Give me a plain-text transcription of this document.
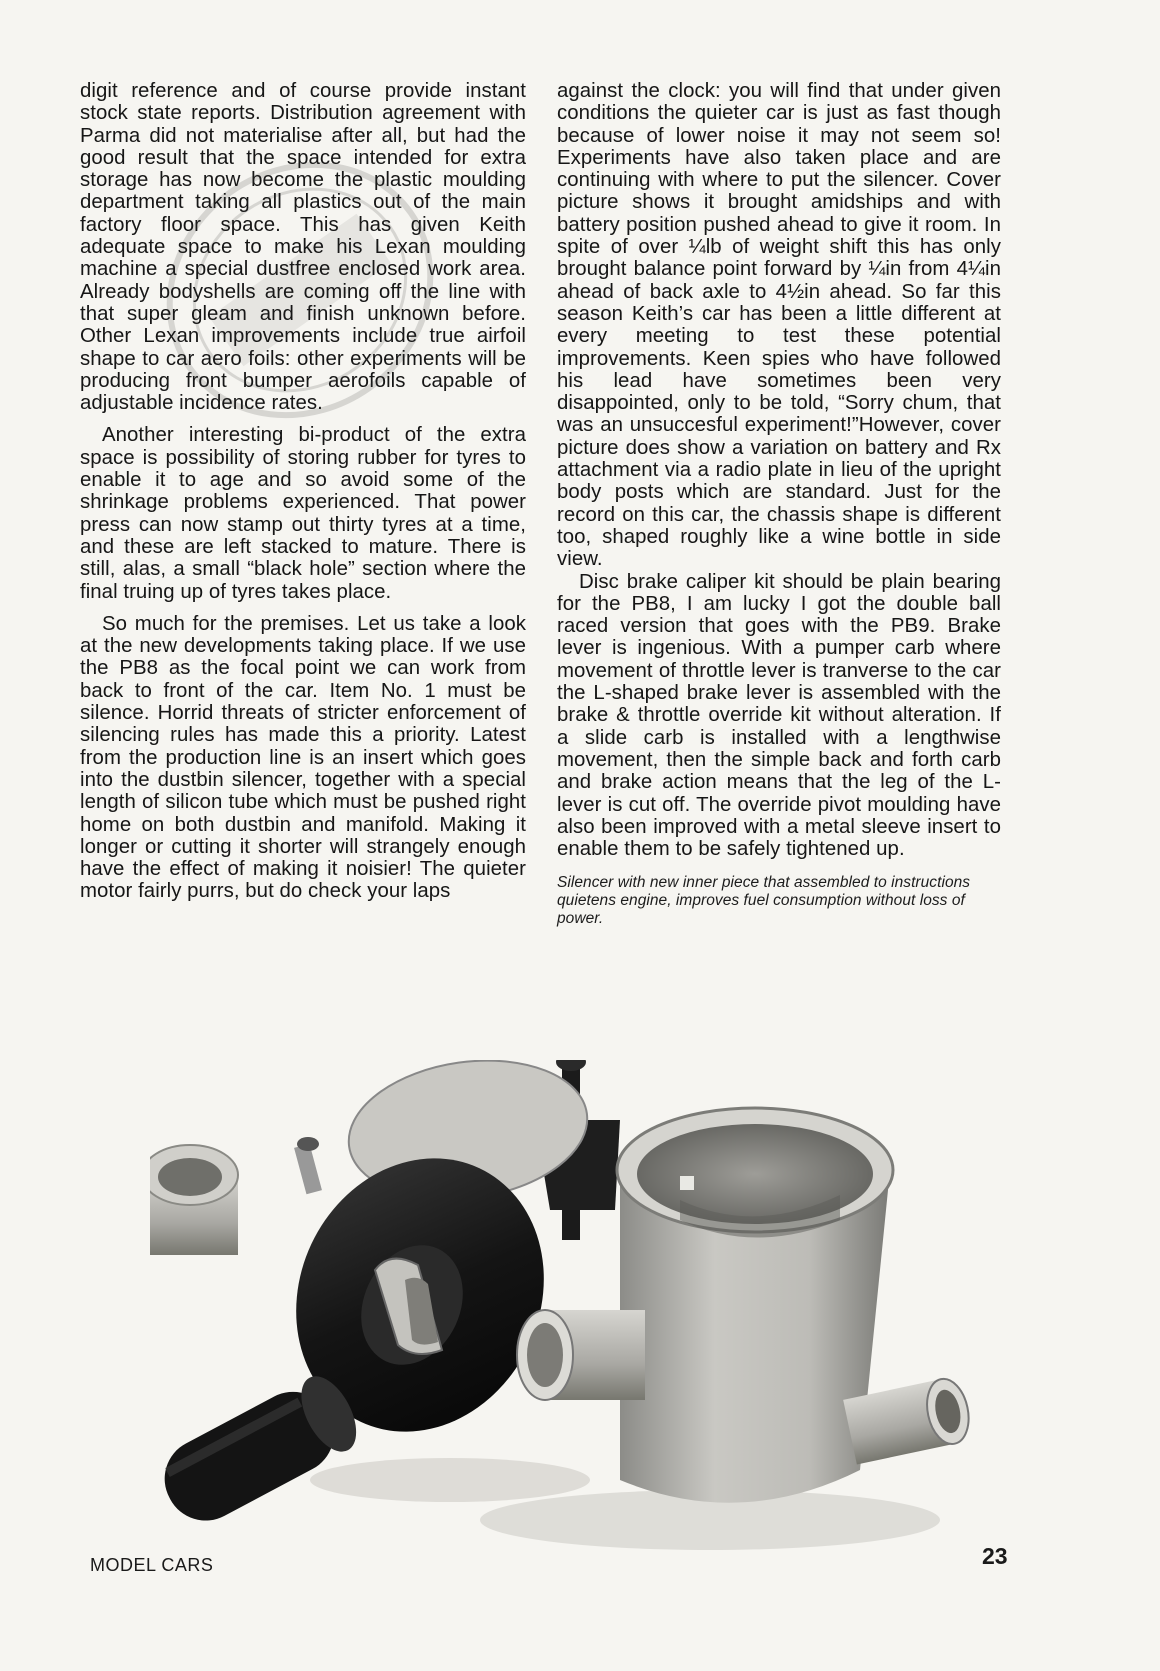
digit reference and of course provide instant stock state reports. Distribution agreement with Parma did not materialise after all, but had the good result that the space intended for extra storage has now become the plastic moulding department taking all plastics out of the main factory floor space. This has given Keith adequate space to make his Lexan moulding machine a special dustfree enclosed work area. Already bodyshells are coming off the line with that super gleam and finish unknown before. Other Lexan improvements include true airfoil shape to car aero foils: other experiments will be producing front bumper aerofoils capable of adjustable incidence rates.

Another interesting bi-product of the extra space is possibility of storing rubber for tyres to enable it to age and so avoid some of the shrinkage problems experienced. That power press can now stamp out thirty tyres at a time, and these are left stacked to mature. There is still, alas, a small “black hole” section where the final truing up of tyres takes place.

So much for the premises. Let us take a look at the new developments taking place. If we use the PB8 as the focal point we can work from back to front of the car. Item No. 1 must be silence. Horrid threats of stricter enforcement of silencing rules has made this a priority. Latest from the production line is an insert which goes into the dustbin silencer, together with a special length of silicon tube which must be pushed right home on both dustbin and manifold. Making it longer or cutting it shorter will strangely enough have the effect of making it noisier! The quieter motor fairly purrs, but do check your laps

against the clock: you will find that under given conditions the quieter car is just as fast though because of lower noise it may not seem so! Experiments have also taken place and are continuing with where to put the silencer. Cover picture shows it brought amidships and with battery position pushed ahead to give it room. In spite of over ¼lb of weight shift this has only brought balance point forward by ¼in from 4¼in ahead of back axle to 4½in ahead. So far this season Keith’s car has been a little different at every meeting to test these potential improvements. Keen spies who have followed his lead have sometimes been very disappointed, only to be told, “Sorry chum, that was an unsuccesful experiment!”However, cover picture does show a variation on battery and Rx attachment via a radio plate in lieu of the upright body posts which are standard. Just for the record on this car, the chassis shape is different too, shaped roughly like a wine bottle in side view.

Disc brake caliper kit should be plain bearing for the PB8, I am lucky I got the double ball raced version that goes with the PB9. Brake lever is ingenious. With a pumper carb where movement of throttle lever is tranverse to the car the L-shaped brake lever is assembled with the brake & throttle override kit without alteration. If a slide carb is installed with a lengthwise movement, then the simple back and forth carb and brake action means that the leg of the L-lever is cut off. The override pivot moulding have also been improved with a metal sleeve insert to enable them to be safely tightened up.

Silencer with new inner piece that assembled to instructions quietens engine, improves fuel consumption without loss of power.
MODEL CARS	23
